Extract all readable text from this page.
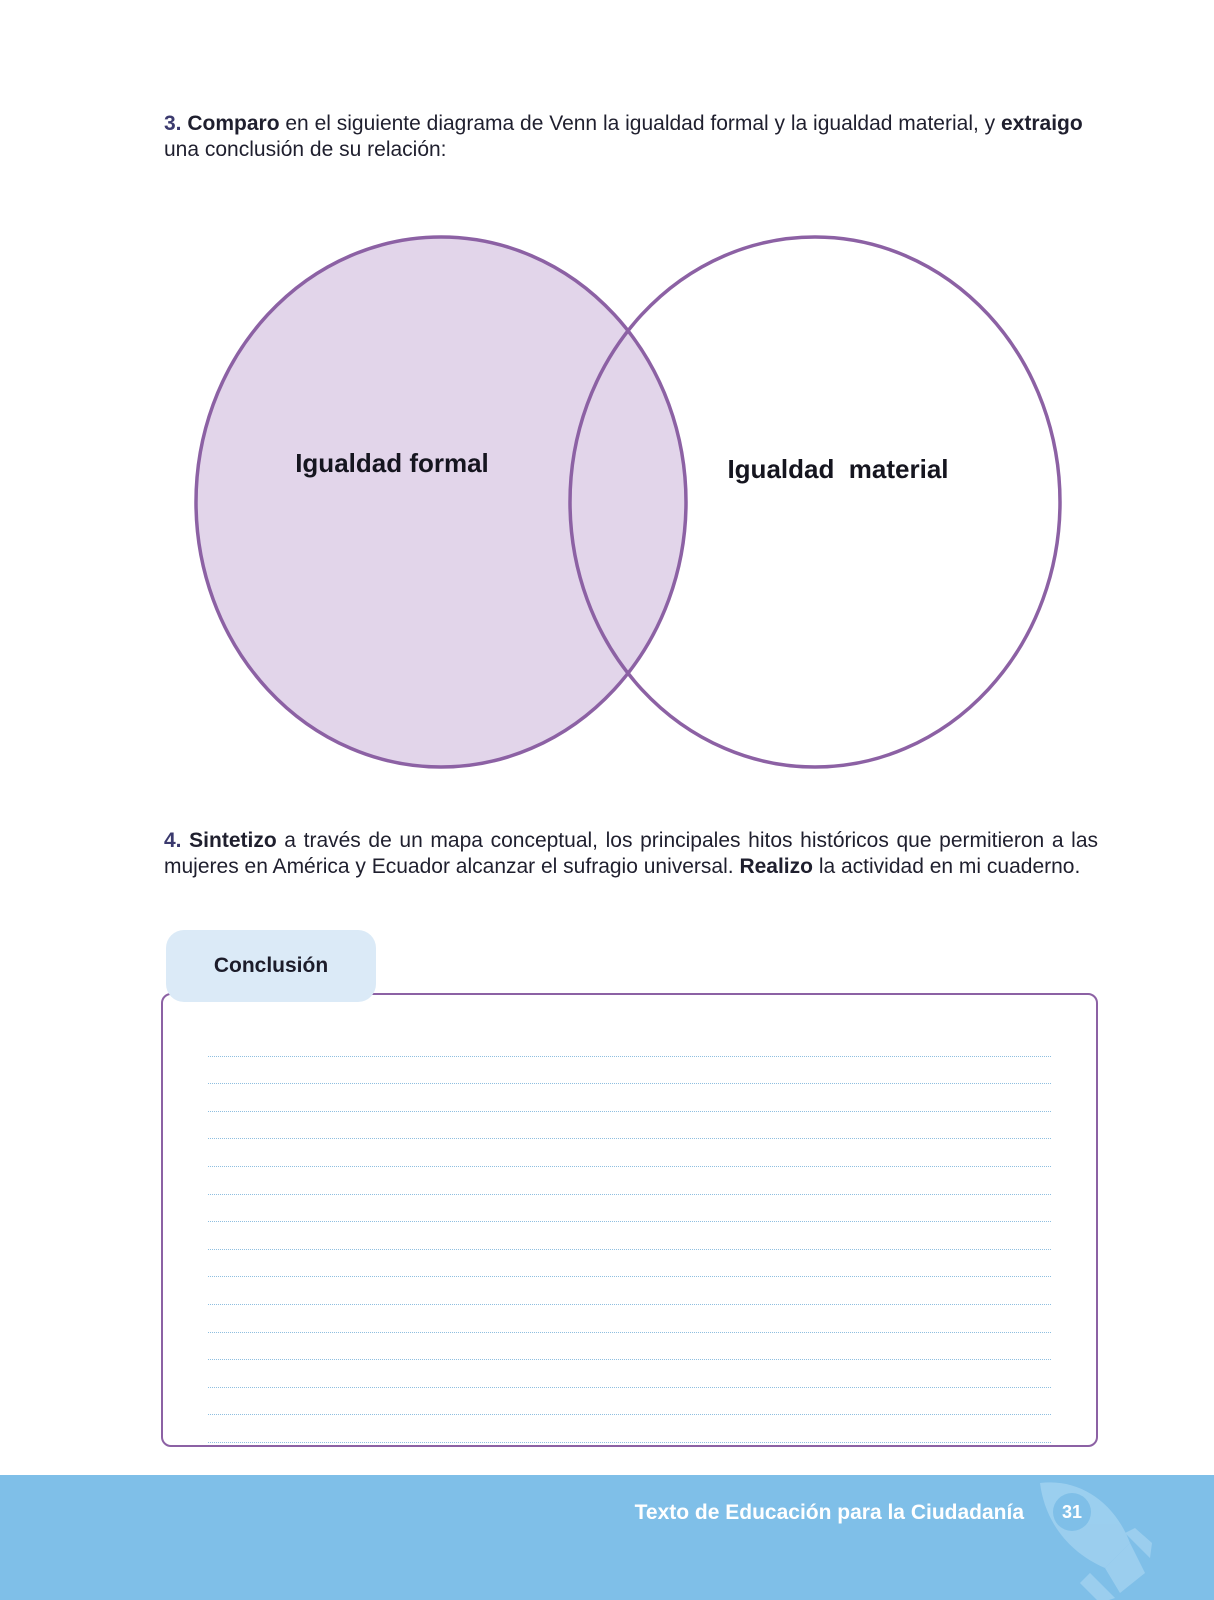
3. Comparo en el siguiente diagrama de Venn la igualdad formal y la igualdad material, y extraigo una conclusión de su relación:
Igualdad formal	Igualdad  material
4. Sintetizo a través de un mapa conceptual, los principales hitos históricos que permitieron a las mujeres en América y Ecuador alcanzar el sufragio universal. Realizo la actividad en mi cuaderno.
Conclusión
Texto de Educación para la Ciudadanía	31
